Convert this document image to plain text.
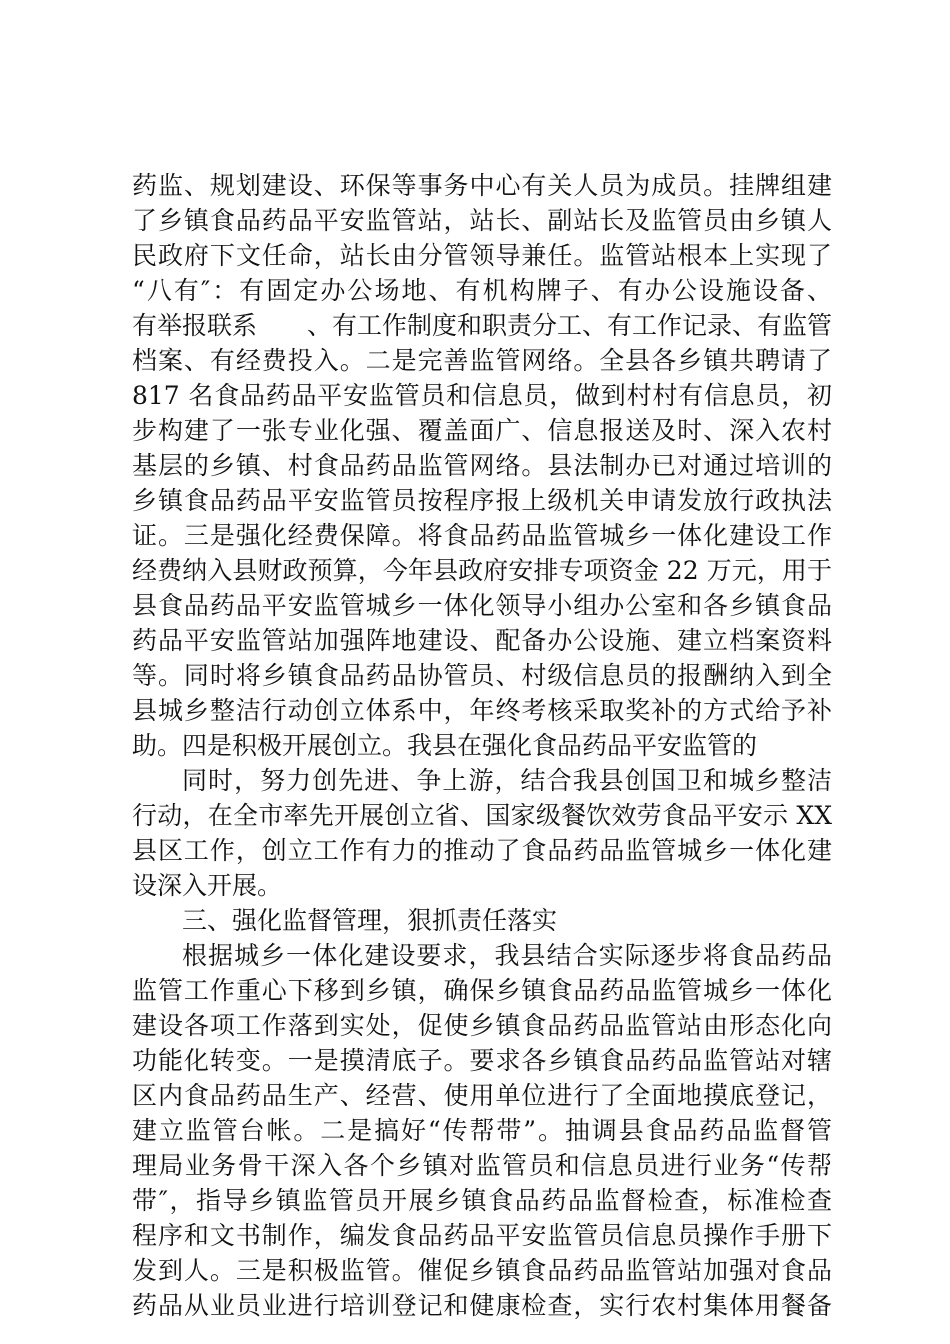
药监、规划建设、环保等事务中心有关人员为成员。挂牌组建
了乡镇食品药品平安监管站，站长、副站长及监管员由乡镇人
民政府下文任命，站长由分管领导兼任。监管站根本上实现了
“八有″：有固定办公场地、有机构牌子、有办公设施设备、
有举报联系　　、有工作制度和职责分工、有工作记录、有监管
档案、有经费投入。二是完善监管网络。全县各乡镇共聘请了
817 名食品药品平安监管员和信息员，做到村村有信息员，初
步构建了一张专业化强、覆盖面广、信息报送及时、深入农村
基层的乡镇、村食品药品监管网络。县法制办已对通过培训的
乡镇食品药品平安监管员按程序报上级机关申请发放行政执法
证。三是强化经费保障。将食品药品监管城乡一体化建设工作
经费纳入县财政预算，今年县政府安排专项资金 22 万元，用于
县食品药品平安监管城乡一体化领导小组办公室和各乡镇食品
药品平安监管站加强阵地建设、配备办公设施、建立档案资料
等。同时将乡镇食品药品协管员、村级信息员的报酬纳入到全
县城乡整洁行动创立体系中，年终考核采取奖补的方式给予补
助。四是积极开展创立。我县在强化食品药品平安监管的
同时，努力创先进、争上游，结合我县创国卫和城乡整洁
行动，在全市率先开展创立省、国家级餐饮效劳食品平安示 XX
县区工作，创立工作有力的推动了食品药品监管城乡一体化建
设深入开展。
三、强化监督管理，狠抓责任落实
根据城乡一体化建设要求，我县结合实际逐步将食品药品
监管工作重心下移到乡镇，确保乡镇食品药品监管城乡一体化
建设各项工作落到实处，促使乡镇食品药品监管站由形态化向
功能化转变。一是摸清底子。要求各乡镇食品药品监管站对辖
区内食品药品生产、经营、使用单位进行了全面地摸底登记，
建立监管台帐。二是搞好“传帮带”。抽调县食品药品监督管
理局业务骨干深入各个乡镇对监管员和信息员进行业务“传帮
带″，指导乡镇监管员开展乡镇食品药品监督检查，标准检查
程序和文书制作，编发食品药品平安监管员信息员操作手册下
发到人。三是积极监管。催促乡镇食品药品监管站加强对食品
药品从业员业进行培训登记和健康检查，实行农村集体用餐备
